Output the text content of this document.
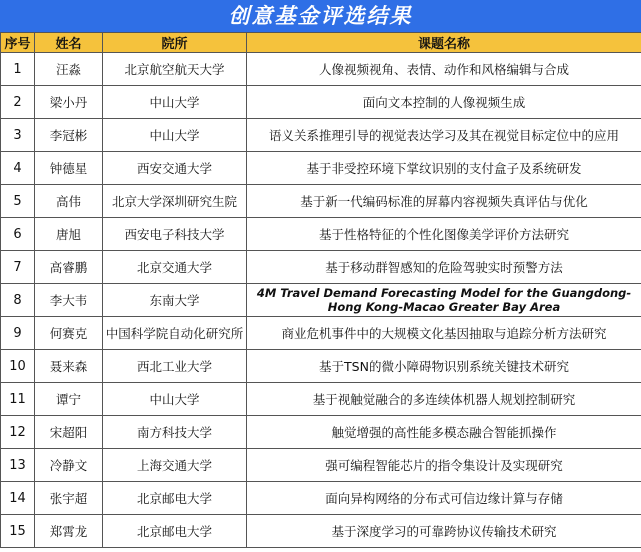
创意基金评选结果
序号	姓名	院所	课题名称
1	汪淼	北京航空航天大学	人像视频视角、表情、动作和风格编辑与合成
2	梁小丹	中山大学	面向文本控制的人像视频生成
3	李冠彬	中山大学	语义关系推理引导的视觉表达学习及其在视觉目标定位中的应用
4	钟德星	西安交通大学	基于非受控环境下掌纹识别的支付盒子及系统研发
5	高伟	北京大学深圳研究生院	基于新一代编码标准的屏幕内容视频失真评估与优化
6	唐旭	西安电子科技大学	基于性格特征的个性化图像美学评价方法研究
7	高睿鹏	北京交通大学	基于移动群智感知的危险驾驶实时预警方法
8	李大韦	东南大学	4M Travel Demand Forecasting Model for the Guangdong-Hong Kong-Macao Greater Bay Area
9	何赛克	中国科学院自动化研究所	商业危机事件中的大规模文化基因抽取与追踪分析方法研究
10	聂来森	西北工业大学	基于TSN的微小障碍物识别系统关键技术研究
11	谭宁	中山大学	基于视触觉融合的多连续体机器人规划控制研究
12	宋超阳	南方科技大学	触觉增强的高性能多模态融合智能抓操作
13	冷静文	上海交通大学	强可编程智能芯片的指令集设计及实现研究
14	张宇超	北京邮电大学	面向异构网络的分布式可信边缘计算与存储
15	郑霄龙	北京邮电大学	基于深度学习的可靠跨协议传输技术研究
